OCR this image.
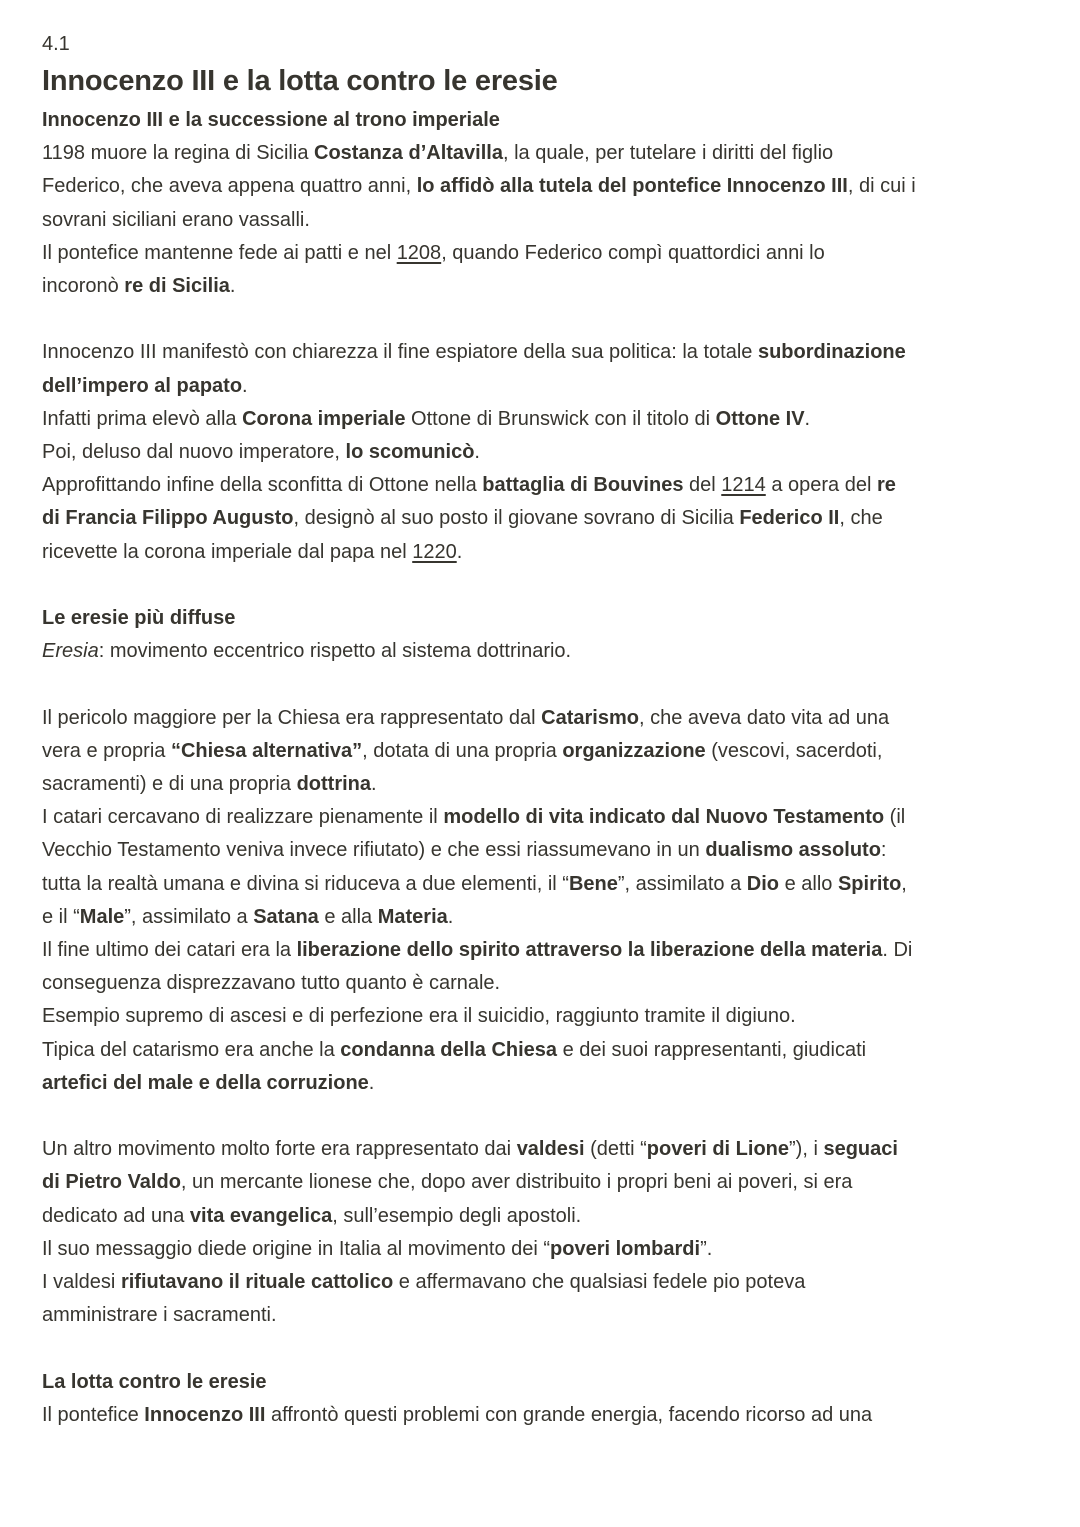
4.1
Innocenzo III e la lotta contro le eresie
Innocenzo III e la successione al trono imperiale
1198 muore la regina di Sicilia Costanza d’Altavilla, la quale, per tutelare i diritti del figlio
Federico, che aveva appena quattro anni, lo affidò alla tutela del pontefice Innocenzo III, di cui i
sovrani siciliani erano vassalli.
Il pontefice mantenne fede ai patti e nel 1208, quando Federico compì quattordici anni lo
incoronò re di Sicilia.
Innocenzo III manifestò con chiarezza il fine espiatore della sua politica: la totale subordinazione
dell’impero al papato.
Infatti prima elevò alla Corona imperiale Ottone di Brunswick con il titolo di Ottone IV.
Poi, deluso dal nuovo imperatore, lo scomunicò.
Approfittando infine della sconfitta di Ottone nella battaglia di Bouvines del 1214 a opera del re
di Francia Filippo Augusto, designò al suo posto il giovane sovrano di Sicilia Federico II, che
ricevette la corona imperiale dal papa nel 1220.
Le eresie più diffuse
Eresia: movimento eccentrico rispetto al sistema dottrinario.
Il pericolo maggiore per la Chiesa era rappresentato dal Catarismo, che aveva dato vita ad una
vera e propria “Chiesa alternativa”, dotata di una propria organizzazione (vescovi, sacerdoti,
sacramenti) e di una propria dottrina.
I catari cercavano di realizzare pienamente il modello di vita indicato dal Nuovo Testamento (il
Vecchio Testamento veniva invece rifiutato) e che essi riassumevano in un dualismo assoluto:
tutta la realtà umana e divina si riduceva a due elementi, il “Bene”, assimilato a Dio e allo Spirito,
e il “Male”, assimilato a Satana e alla Materia.
Il fine ultimo dei catari era la liberazione dello spirito attraverso la liberazione della materia. Di
conseguenza disprezzavano tutto quanto è carnale.
Esempio supremo di ascesi e di perfezione era il suicidio, raggiunto tramite il digiuno.
Tipica del catarismo era anche la condanna della Chiesa e dei suoi rappresentanti, giudicati
artefici del male e della corruzione.
Un altro movimento molto forte era rappresentato dai valdesi (detti “poveri di Lione”), i seguaci
di Pietro Valdo, un mercante lionese che, dopo aver distribuito i propri beni ai poveri, si era
dedicato ad una vita evangelica, sull’esempio degli apostoli.
Il suo messaggio diede origine in Italia al movimento dei “poveri lombardi”.
I valdesi rifiutavano il rituale cattolico e affermavano che qualsiasi fedele pio poteva
amministrare i sacramenti.
La lotta contro le eresie
Il pontefice Innocenzo III affrontò questi problemi con grande energia, facendo ricorso ad una
